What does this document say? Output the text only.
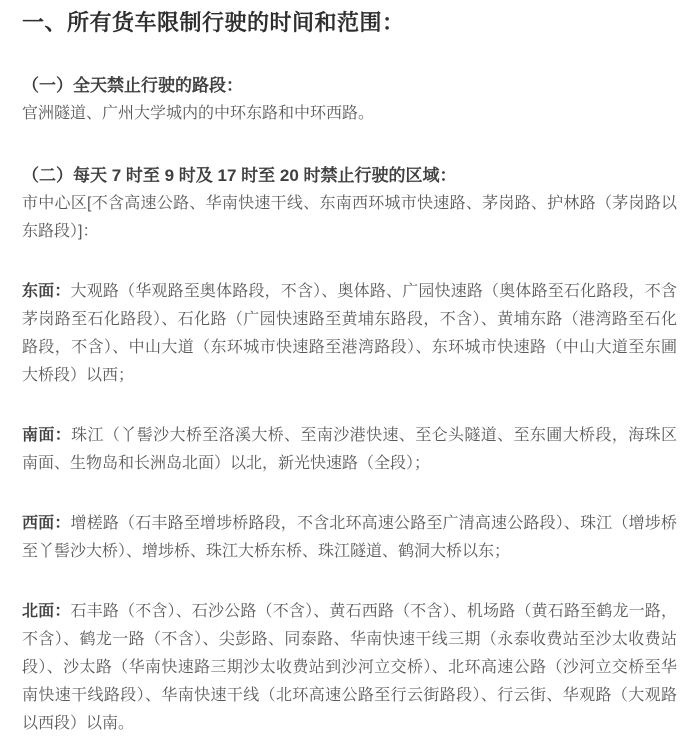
一、所有货车限制行驶的时间和范围：
（一）全天禁止行驶的路段：

官洲隧道、广州大学城内的中环东路和中环西路。

（二）每天 7 时至 9 时及 17 时至 20 时禁止行驶的区域：

市中心区[不含高速公路、华南快速干线、东南西环城市快速路、茅岗路、护林路（茅岗路以东路段）]：

东面：大观路（华观路至奥体路段，不含）、奥体路、广园快速路（奥体路至石化路段，不含茅岗路至石化路段）、石化路（广园快速路至黄埔东路段，不含）、黄埔东路（港湾路至石化路段，不含）、中山大道（东环城市快速路至港湾路段）、东环城市快速路（中山大道至东圃大桥段）以西；

南面：珠江（丫髻沙大桥至洛溪大桥、至南沙港快速、至仑头隧道、至东圃大桥段，海珠区南面、生物岛和长洲岛北面）以北，新光快速路（全段）；

西面：增槎路（石丰路至增埗桥路段，不含北环高速公路至广清高速公路段）、珠江（增埗桥至丫髻沙大桥）、增埗桥、珠江大桥东桥、珠江隧道、鹤洞大桥以东；

北面：石丰路（不含）、石沙公路（不含）、黄石西路（不含）、机场路（黄石路至鹤龙一路，不含）、鹤龙一路（不含）、尖彭路、同泰路、华南快速干线三期（永泰收费站至沙太收费站段）、沙太路（华南快速路三期沙太收费站到沙河立交桥）、北环高速公路（沙河立交桥至华南快速干线路段）、华南快速干线（北环高速公路至行云街路段）、行云街、华观路（大观路以西段）以南。
